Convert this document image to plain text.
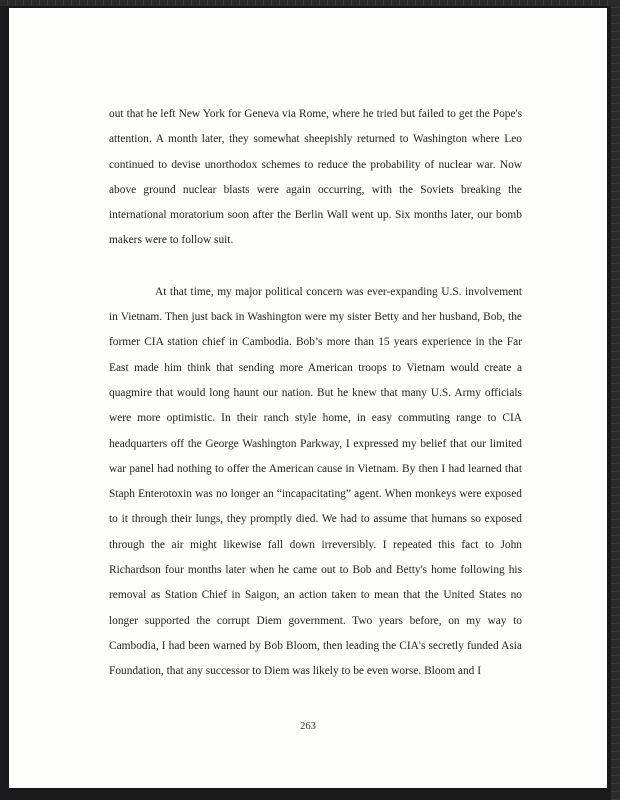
out that he left New York for Geneva via Rome, where he tried but failed to get the Pope's attention. A month later, they somewhat sheepishly returned to Washington where Leo continued to devise unorthodox schemes to reduce the probability of nuclear war. Now above ground nuclear blasts were again occurring, with the Soviets breaking the international moratorium soon after the Berlin Wall went up. Six months later, our bomb makers were to follow suit.

At that time, my major political concern was ever-expanding U.S. involvement in Vietnam. Then just back in Washington were my sister Betty and her husband, Bob, the former CIA station chief in Cambodia. Bob’s more than 15 years experience in the Far East made him think that sending more American troops to Vietnam would create a quagmire that would long haunt our nation. But he knew that many U.S. Army officials were more optimistic. In their ranch style home, in easy commuting range to CIA headquarters off the George Washington Parkway, I expressed my belief that our limited war panel had nothing to offer the American cause in Vietnam. By then I had learned that Staph Enterotoxin was no longer an “incapacitating” agent. When monkeys were exposed to it through their lungs, they promptly died. We had to assume that humans so exposed through the air might likewise fall down irreversibly. I repeated this fact to John Richardson four months later when he came out to Bob and Betty's home following his removal as Station Chief in Saigon, an action taken to mean that the United States no longer supported the corrupt Diem government. Two years before, on my way to Cambodia, I had been warned by Bob Bloom, then leading the CIA's secretly funded Asia Foundation, that any successor to Diem was likely to be even worse. Bloom and I

263
